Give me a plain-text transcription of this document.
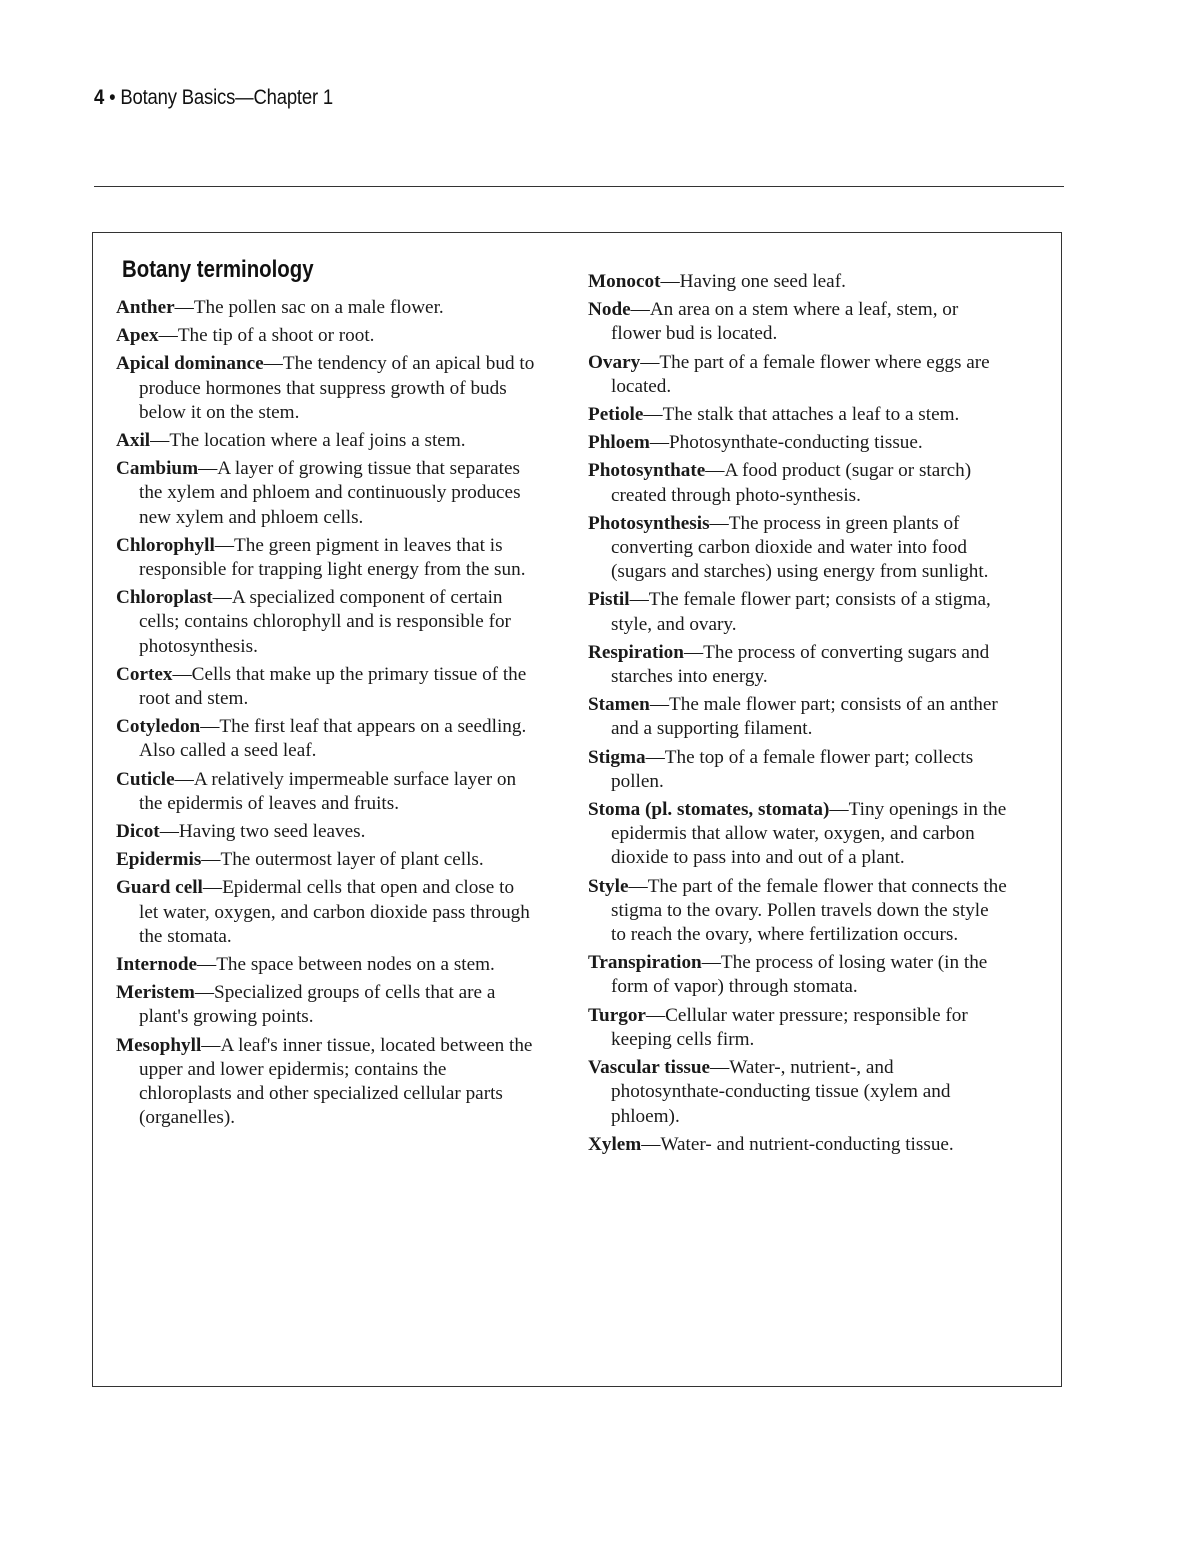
4 • Botany Basics—Chapter 1
Botany terminology

Anther—The pollen sac on a male flower.

Apex—The tip of a shoot or root.

Apical dominance—The tendency of an apical bud to produce hormones that suppress growth of buds below it on the stem.

Axil—The location where a leaf joins a stem.

Cambium—A layer of growing tissue that separates the xylem and phloem and continuously produces new xylem and phloem cells.

Chlorophyll—The green pigment in leaves that is responsible for trapping light energy from the sun.

Chloroplast—A specialized component of certain cells; contains chlorophyll and is responsible for photosynthesis.

Cortex—Cells that make up the primary tissue of the root and stem.

Cotyledon—The first leaf that appears on a seedling. Also called a seed leaf.

Cuticle—A relatively impermeable surface layer on the epidermis of leaves and fruits.

Dicot—Having two seed leaves.

Epidermis—The outermost layer of plant cells.

Guard cell—Epidermal cells that open and close to let water, oxygen, and carbon dioxide pass through the stomata.

Internode—The space between nodes on a stem.

Meristem—Specialized groups of cells that are a plant's growing points.

Mesophyll—A leaf's inner tissue, located between the upper and lower epidermis; contains the chloroplasts and other specialized cellular parts (organelles).

Monocot—Having one seed leaf.

Node—An area on a stem where a leaf, stem, or flower bud is located.

Ovary—The part of a female flower where eggs are located.

Petiole—The stalk that attaches a leaf to a stem.

Phloem—Photosynthate-conducting tissue.

Photosynthate—A food product (sugar or starch) created through photo-synthesis.

Photosynthesis—The process in green plants of converting carbon dioxide and water into food (sugars and starches) using energy from sunlight.

Pistil—The female flower part; consists of a stigma, style, and ovary.

Respiration—The process of converting sugars and starches into energy.

Stamen—The male flower part; consists of an anther and a supporting filament.

Stigma—The top of a female flower part; collects pollen.

Stoma (pl. stomates, stomata)—Tiny openings in the epidermis that allow water, oxygen, and carbon dioxide to pass into and out of a plant.

Style—The part of the female flower that connects the stigma to the ovary. Pollen travels down the style to reach the ovary, where fertilization occurs.

Transpiration—The process of losing water (in the form of vapor) through stomata.

Turgor—Cellular water pressure; responsible for keeping cells firm.

Vascular tissue—Water-, nutrient-, and photosynthate-conducting tissue (xylem and phloem).

Xylem—Water- and nutrient-conducting tissue.
